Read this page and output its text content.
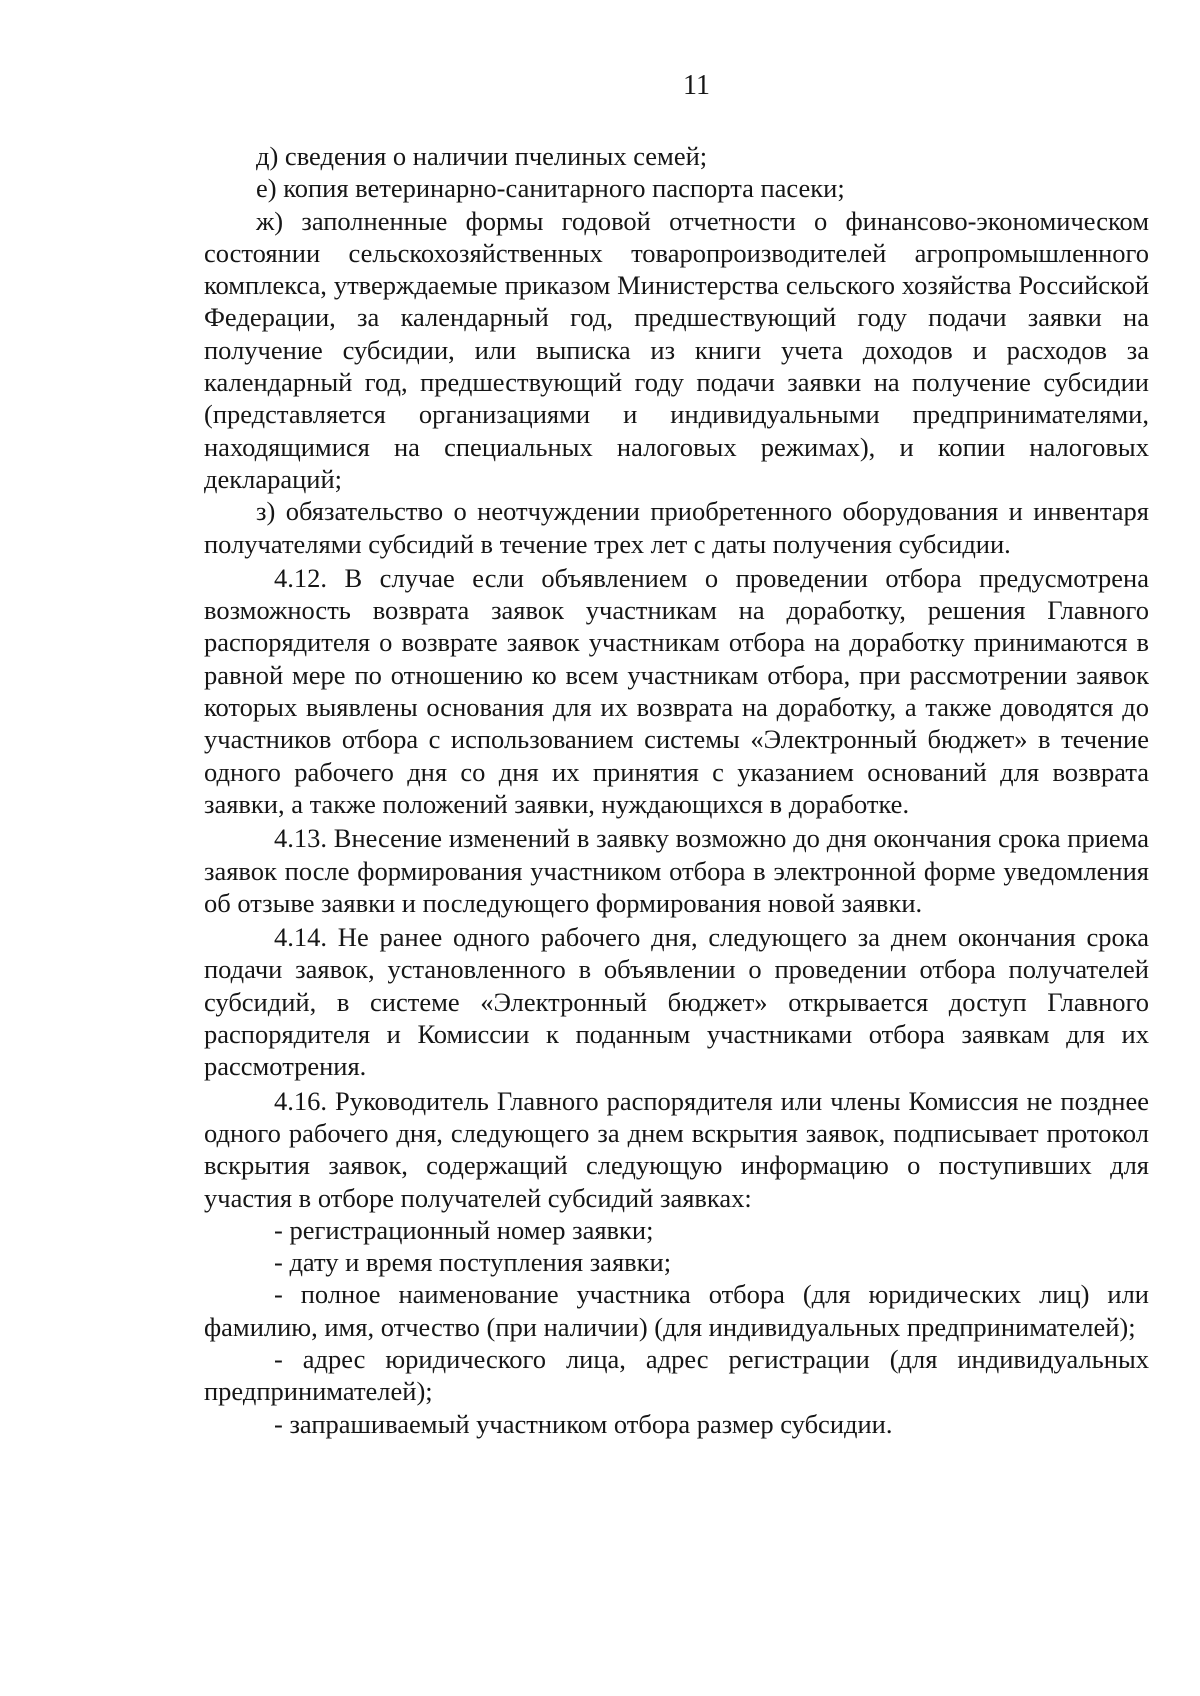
11

д) сведения о наличии пчелиных семей;

е) копия ветеринарно-санитарного паспорта пасеки;

ж) заполненные формы годовой отчетности о финансово-экономическом состоянии сельскохозяйственных товаропроизводителей агропромышленного комплекса, утверждаемые приказом Министерства сельского хозяйства Российской Федерации, за календарный год, предшествующий году подачи заявки на получение субсидии, или выписка из книги учета доходов и расходов за календарный год, предшествующий году подачи заявки на получение субсидии (представляется организациями и индивидуальными предпринимателями, находящимися на специальных налоговых режимах), и копии налоговых деклараций;

з) обязательство о неотчуждении приобретенного оборудования и инвентаря получателями субсидий в течение трех лет с даты получения субсидии.

4.12. В случае если объявлением о проведении отбора предусмотрена возможность возврата заявок участникам на доработку, решения Главного распорядителя о возврате заявок участникам отбора на доработку принимаются в равной мере по отношению ко всем участникам отбора, при рассмотрении заявок которых выявлены основания для их возврата на доработку, а также доводятся до участников отбора с использованием системы «Электронный бюджет» в течение одного рабочего дня со дня их принятия с указанием оснований для возврата заявки, а также положений заявки, нуждающихся в доработке.

4.13. Внесение изменений в заявку возможно до дня окончания срока приема заявок после формирования участником отбора в электронной форме уведомления об отзыве заявки и последующего формирования новой заявки.

4.14. Не ранее одного рабочего дня, следующего за днем окончания срока подачи заявок, установленного в объявлении о проведении отбора получателей субсидий, в системе «Электронный бюджет» открывается доступ Главного распорядителя и Комиссии к поданным участниками отбора заявкам для их рассмотрения.

4.16. Руководитель Главного распорядителя или члены Комиссия не позднее одного рабочего дня, следующего за днем вскрытия заявок, подписывает протокол вскрытия заявок, содержащий следующую информацию о поступивших для участия в отборе получателей субсидий заявках:

- регистрационный номер заявки;

- дату и время поступления заявки;

- полное наименование участника отбора (для юридических лиц) или фамилию, имя, отчество (при наличии) (для индивидуальных предпринимателей);

- адрес юридического лица, адрес регистрации (для индивидуальных предпринимателей);

- запрашиваемый участником отбора размер субсидии.
